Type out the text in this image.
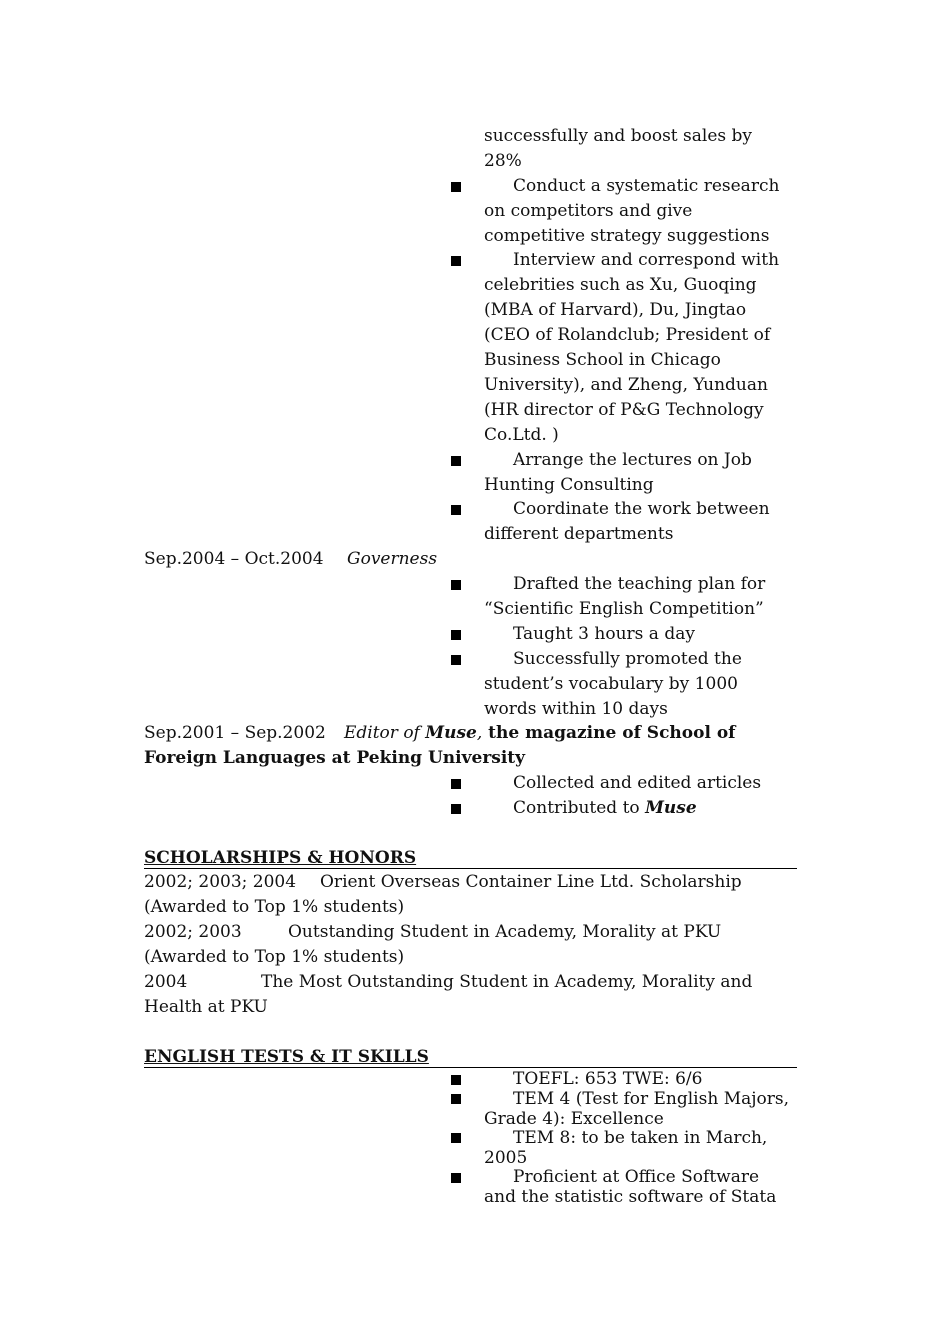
successfully and boost sales by 28%
Conduct a systematic research on competitors and give competitive strategy suggestions
Interview and correspond with celebrities such as Xu, Guoqing (MBA of Harvard), Du, Jingtao (CEO of Rolandclub; President of Business School in Chicago University), and Zheng, Yunduan (HR director of P&G Technology Co.Ltd. )
Arrange the lectures on Job Hunting Consulting
Coordinate the work between different departments
Sep.2004 – Oct.2004 Governess
Drafted the teaching plan for “Scientific English Competition”
Taught 3 hours a day
Successfully promoted the student’s vocabulary by 1000 words within 10 days
Sep.2001 – Sep.2002 Editor of Muse, the magazine of School of
Foreign Languages at Peking University
Collected and edited articles
Contributed to Muse
SCHOLARSHIPS & HONORS
2002; 2003; 2004 Orient Overseas Container Line Ltd. Scholarship
(Awarded to Top 1% students)
2002; 2003	Outstanding Student in Academy, Morality at PKU
(Awarded to Top 1% students)
2004	The Most Outstanding Student in Academy, Morality and
Health at PKU
ENGLISH TESTS & IT SKILLS
TOEFL: 653 TWE: 6/6
TEM 4 (Test for English Majors, Grade 4): Excellence
TEM 8: to be taken in March, 2005
Proficient at Office Software and the statistic software of Stata
